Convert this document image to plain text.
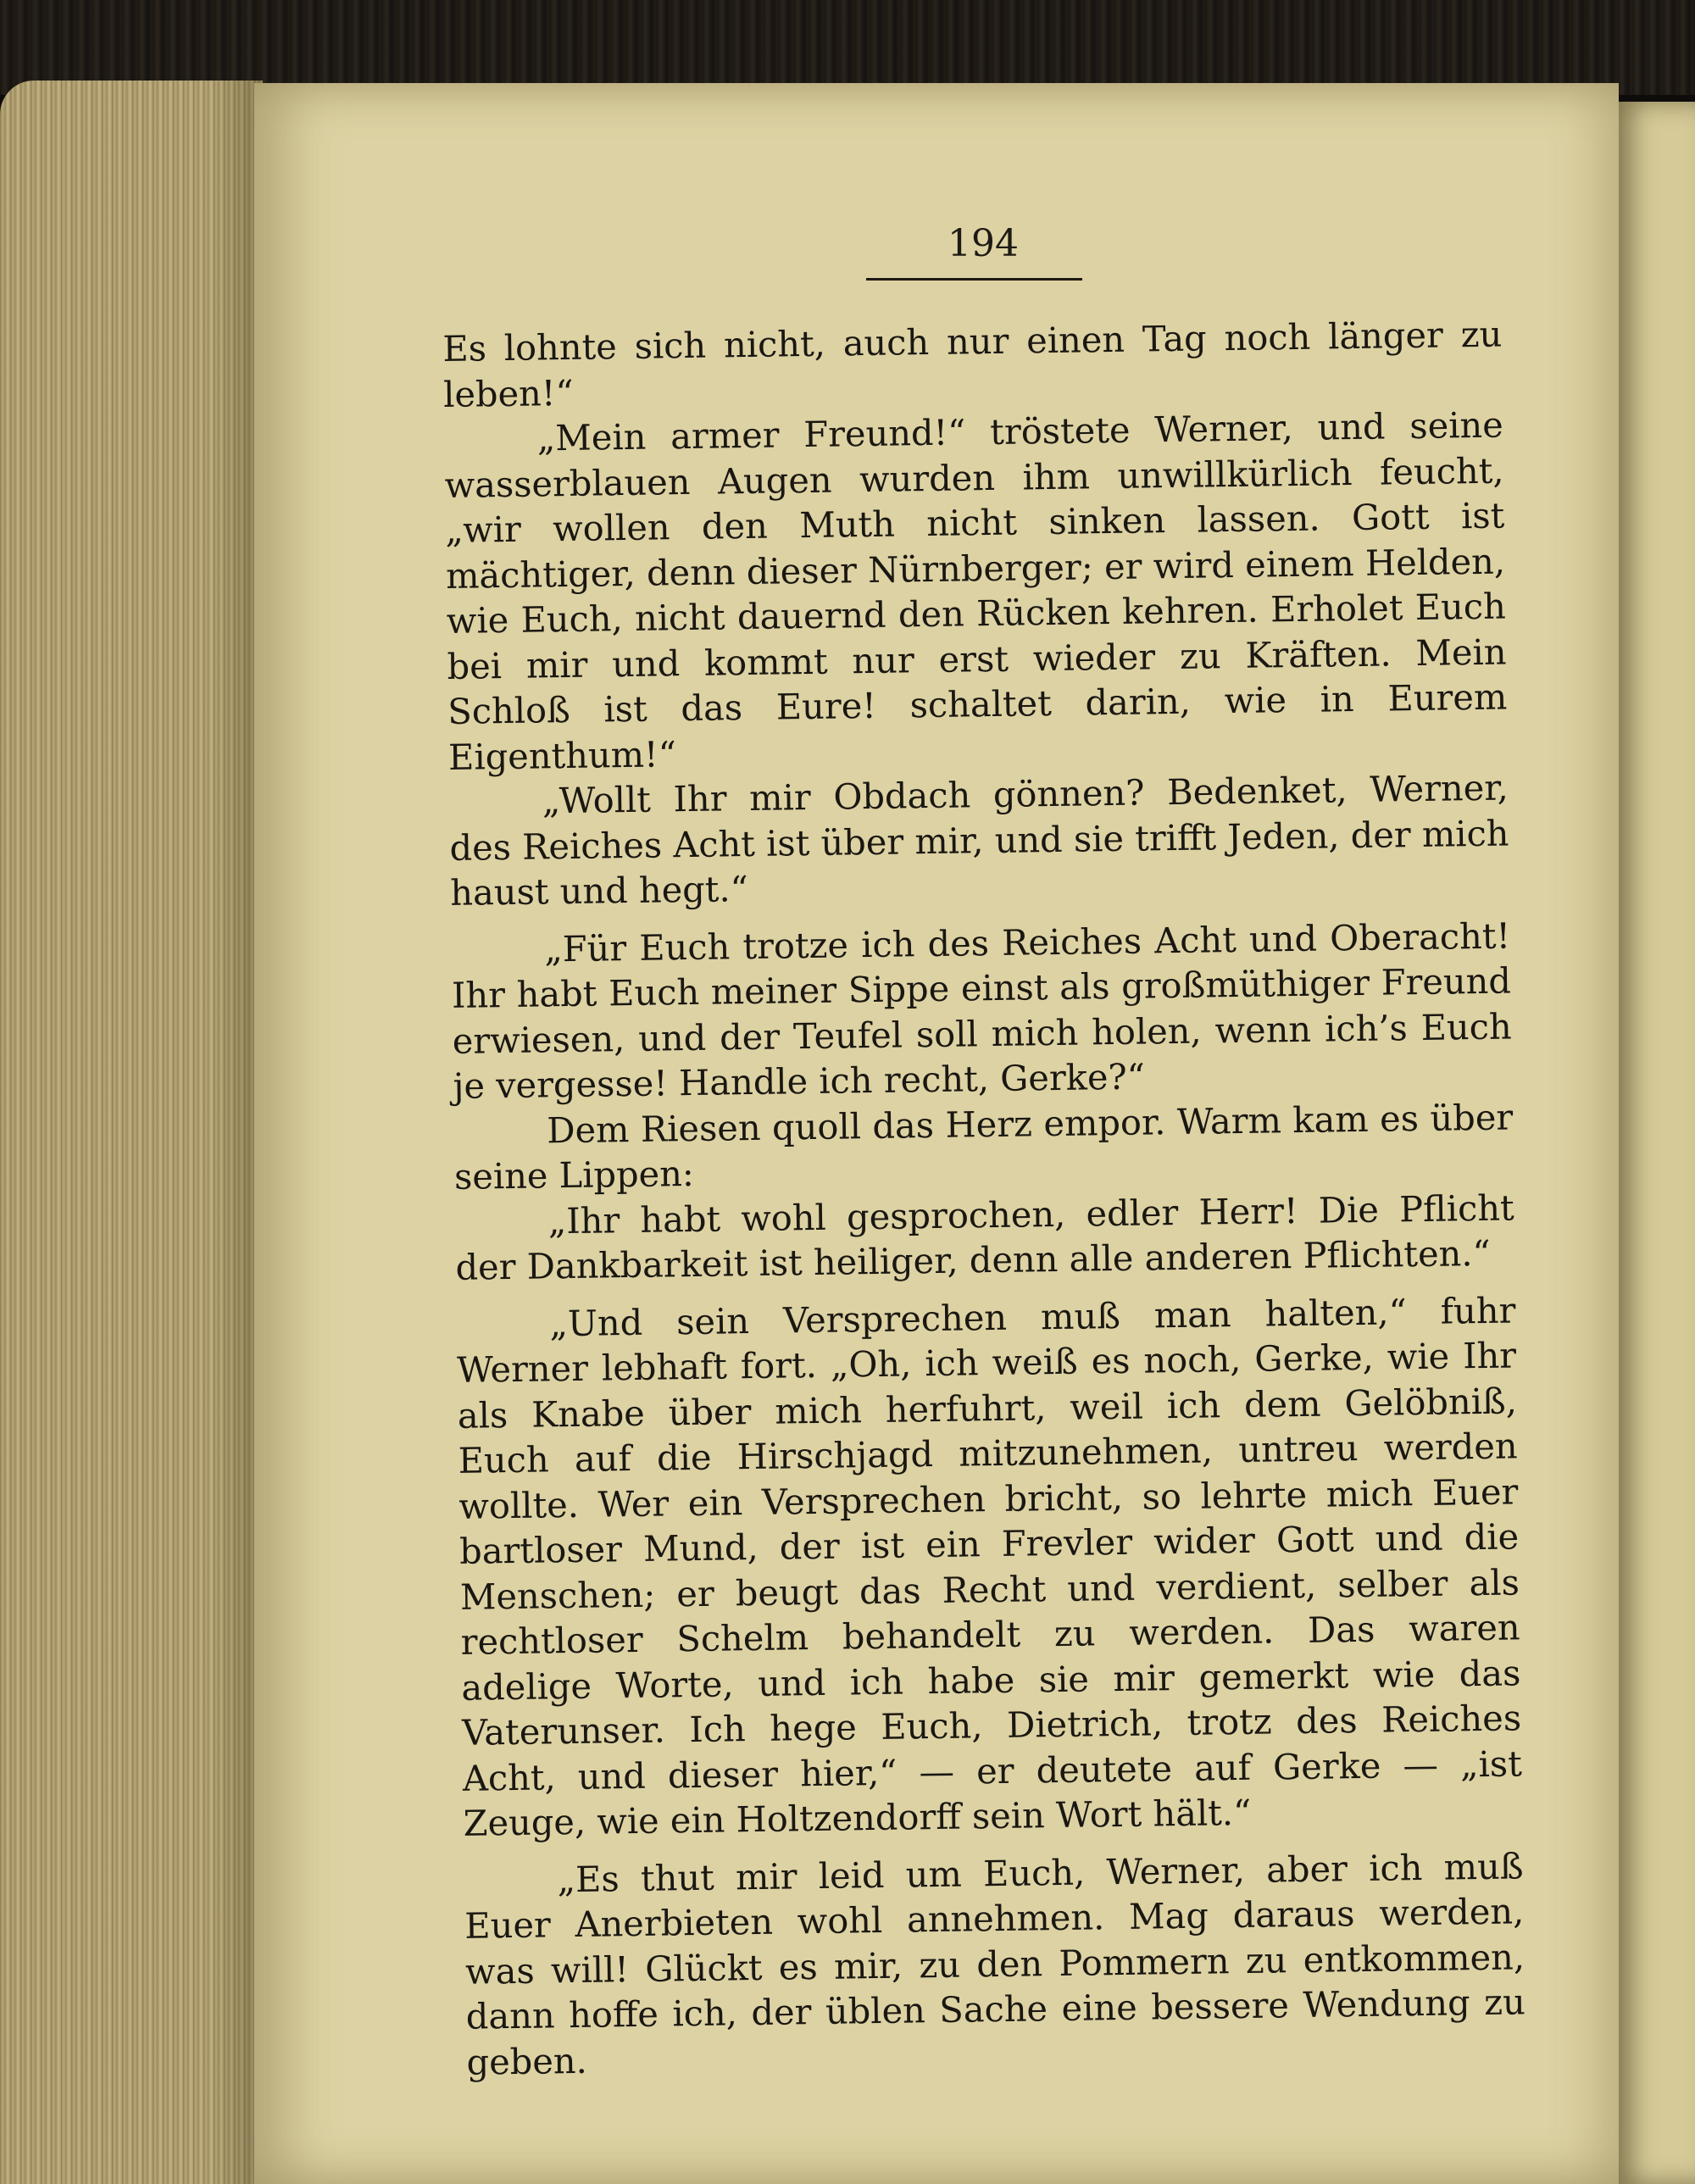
194

Es lohnte sich nicht, auch nur einen Tag noch länger zu leben!“

„Mein armer Freund!“ tröstete Werner, und seine wasserblauen Augen wurden ihm unwillkürlich feucht, „wir wollen den Muth nicht sinken lassen. Gott ist mächtiger, denn dieser Nürnberger; er wird einem Helden, wie Euch, nicht dauernd den Rücken kehren. Erholet Euch bei mir und kommt nur erst wieder zu Kräften. Mein Schloß ist das Eure! schaltet darin, wie in Eurem Eigenthum!“

„Wollt Ihr mir Obdach gönnen? Bedenket, Werner, des Reiches Acht ist über mir, und sie trifft Jeden, der mich haust und hegt.“

„Für Euch trotze ich des Reiches Acht und Oberacht! Ihr habt Euch meiner Sippe einst als großmüthiger Freund erwiesen, und der Teufel soll mich holen, wenn ich’s Euch je vergesse! Handle ich recht, Gerke?“

Dem Riesen quoll das Herz empor. Warm kam es über seine Lippen:

„Ihr habt wohl gesprochen, edler Herr! Die Pflicht der Dankbarkeit ist heiliger, denn alle anderen Pflichten.“

„Und sein Versprechen muß man halten,“ fuhr Werner lebhaft fort. „Oh, ich weiß es noch, Gerke, wie Ihr als Knabe über mich herfuhrt, weil ich dem Gelöbniß, Euch auf die Hirschjagd mitzunehmen, untreu werden wollte. Wer ein Versprechen bricht, so lehrte mich Euer bartloser Mund, der ist ein Frevler wider Gott und die Menschen; er beugt das Recht und verdient, selber als rechtloser Schelm behandelt zu werden. Das waren adelige Worte, und ich habe sie mir gemerkt wie das Vaterunser. Ich hege Euch, Dietrich, trotz des Reiches Acht, und dieser hier,“ — er deutete auf Gerke — „ist Zeuge, wie ein Holtzendorff sein Wort hält.“

„Es thut mir leid um Euch, Werner, aber ich muß Euer Anerbieten wohl annehmen. Mag daraus werden, was will! Glückt es mir, zu den Pommern zu entkommen, dann hoffe ich, der üblen Sache eine bessere Wendung zu geben.
